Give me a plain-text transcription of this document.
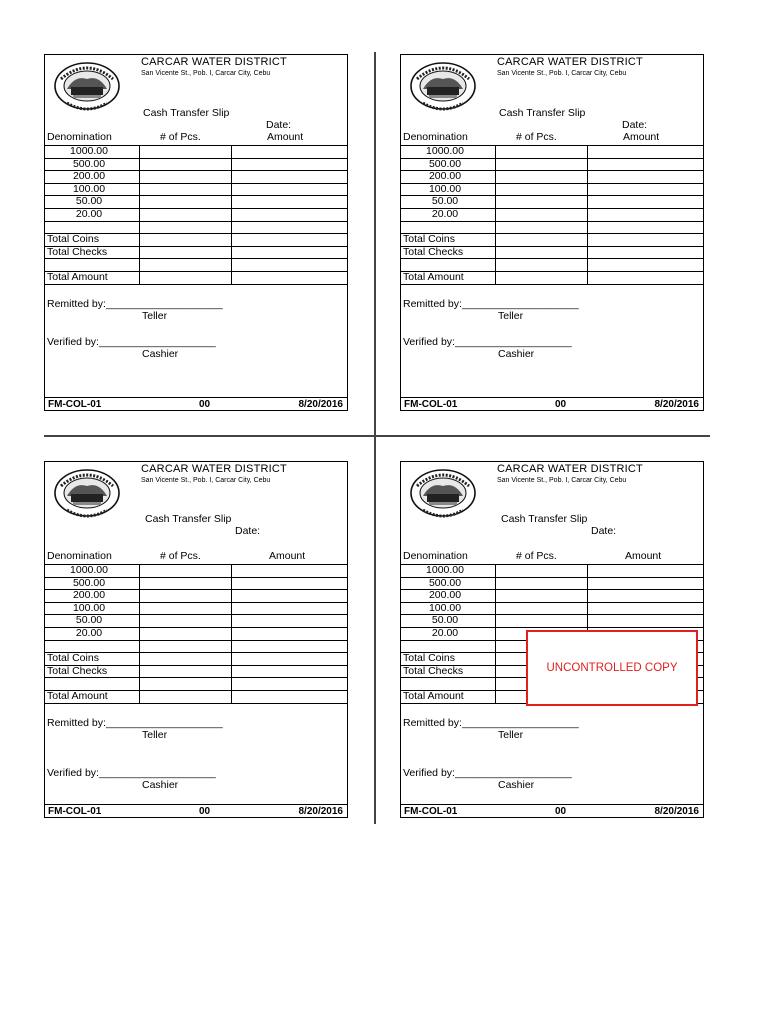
CARCAR WATER DISTRICT
San Vicente St., Pob. I, Carcar City, Cebu
Cash Transfer Slip
Date:
Denomination	# of Pcs.	Amount
1000.00
500.00
200.00
100.00
50.00
20.00
Total Coins
Total Checks
Total Amount
Remitted by:____________________
Teller
Verified by:____________________
Cashier
FM-COL-01	00	8/20/2016
CARCAR WATER DISTRICT
San Vicente St., Pob. I, Carcar City, Cebu
Cash Transfer Slip
Date:
Denomination	# of Pcs.	Amount
1000.00
500.00
200.00
100.00
50.00
20.00
Total Coins
Total Checks
Total Amount
Remitted by:____________________
Teller
Verified by:____________________
Cashier
FM-COL-01	00	8/20/2016
CARCAR WATER DISTRICT
San Vicente St., Pob. I, Carcar City, Cebu
Cash Transfer Slip
Date:
Denomination	# of Pcs.	Amount
1000.00
500.00
200.00
100.00
50.00
20.00
Total Coins
Total Checks
Total Amount
Remitted by:____________________
Teller
Verified by:____________________
Cashier
FM-COL-01	00	8/20/2016
CARCAR WATER DISTRICT
San Vicente St., Pob. I, Carcar City, Cebu
Cash Transfer Slip
Date:
Denomination	# of Pcs.	Amount
1000.00
500.00
200.00
100.00
50.00
20.00
Total Coins
Total Checks
Total Amount
Remitted by:____________________
Teller
Verified by:____________________
Cashier
FM-COL-01	00	8/20/2016
UNCONTROLLED COPY
